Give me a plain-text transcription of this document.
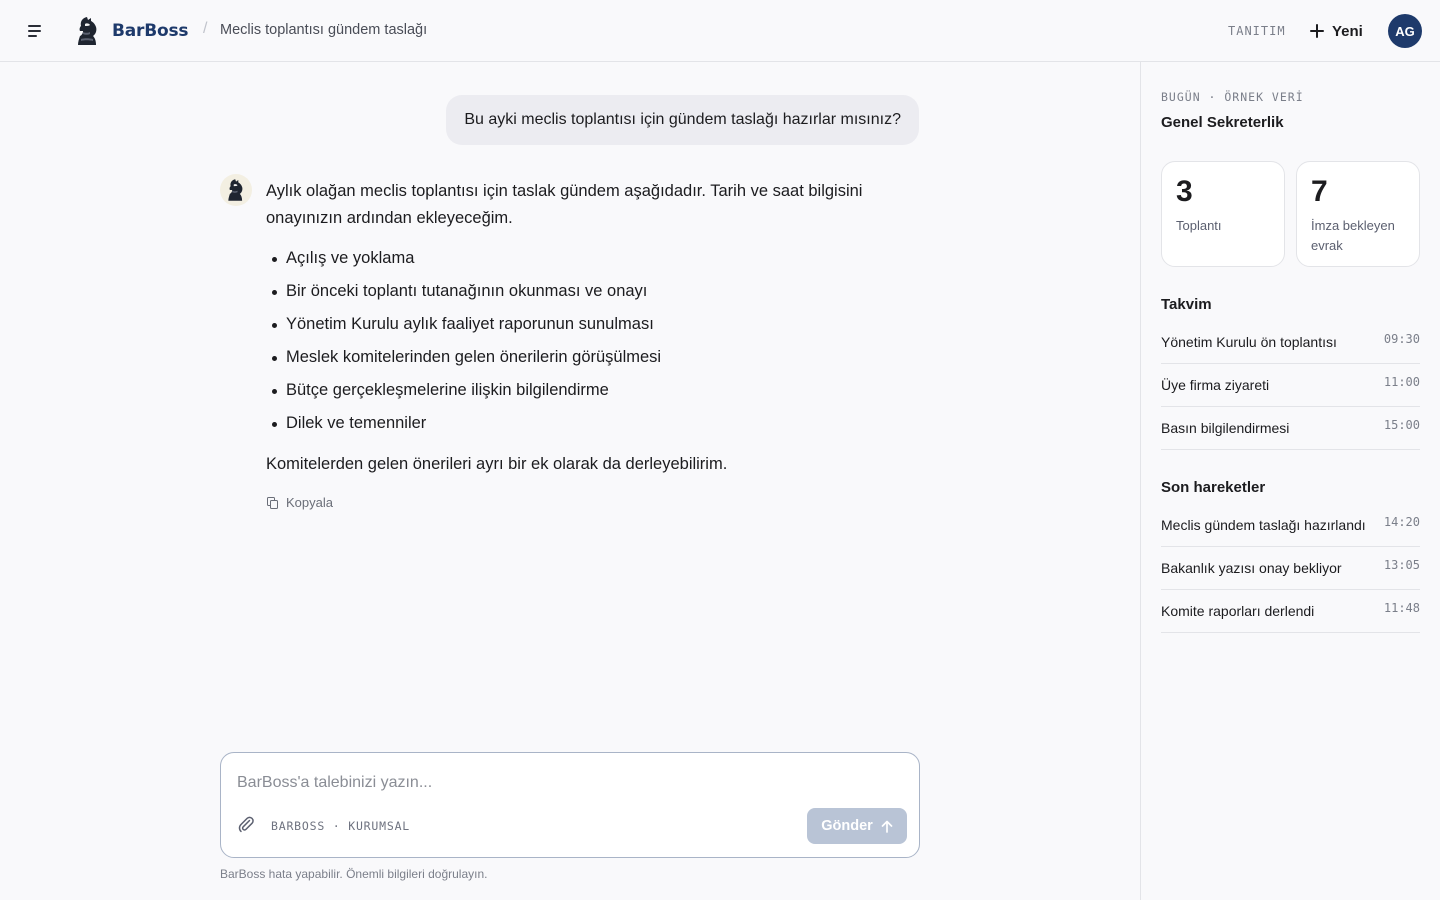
BarBoss / Meclis toplantısı gündem taslağı	TANITIM	Yeni	AG
Bu ayki meclis toplantısı için gündem taslağı hazırlar mısınız?

Aylık olağan meclis toplantısı için taslak gündem aşağıdadır. Tarih ve saat bilgisini onayınızın ardından ekleyeceğim.

Açılış ve yoklama
Bir önceki toplantı tutanağının okunması ve onayı
Yönetim Kurulu aylık faaliyet raporunun sunulması
Meslek komitelerinden gelen önerilerin görüşülmesi
Bütçe gerçekleşmelerine ilişkin bilgilendirme
Dilek ve temenniler

Komitelerden gelen önerileri ayrı bir ek olarak da derleyebilirim.

Kopyala
BarBoss'a talebinizi yazın...
BARBOSS · KURUMSAL	Gönder

BarBoss hata yapabilir. Önemli bilgileri doğrulayın.

BUGÜN · ÖRNEK VERİ
Genel Sekreterlik
3
Toplantı
7
İmza bekleyen evrak
Takvim
Yönetim Kurulu ön toplantısı	09:30
Üye firma ziyareti	11:00
Basın bilgilendirmesi	15:00
Son hareketler
Meclis gündem taslağı hazırlandı 14:20
Bakanlık yazısı onay bekliyor	13:05
Komite raporları derlendi	11:48
